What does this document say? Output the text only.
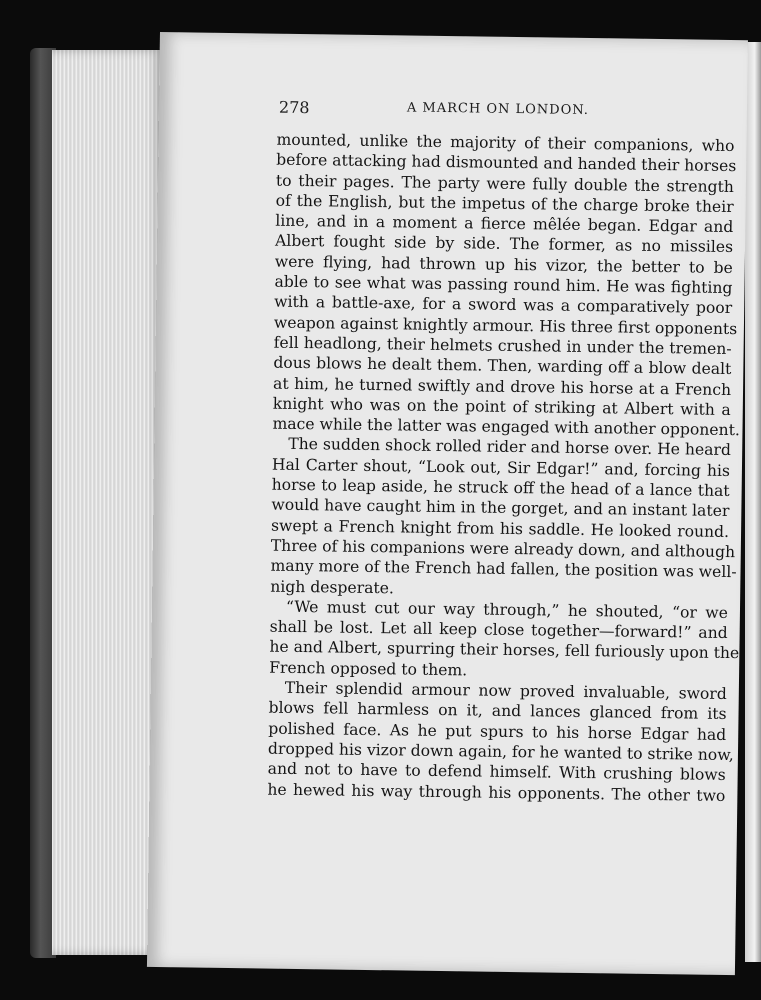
278	A MARCH ON LONDON.
mounted, unlike the majority of their companions, who
before attacking had dismounted and handed their horses
to their pages. The party were fully double the strength
of the English, but the impetus of the charge broke their
line, and in a moment a fierce mêlée began. Edgar and
Albert fought side by side. The former, as no missiles
were flying, had thrown up his vizor, the better to be
able to see what was passing round him. He was fighting
with a battle-axe, for a sword was a comparatively poor
weapon against knightly armour. His three first opponents
fell headlong, their helmets crushed in under the tremen-
dous blows he dealt them. Then, warding off a blow dealt
at him, he turned swiftly and drove his horse at a French
knight who was on the point of striking at Albert with a
mace while the latter was engaged with another opponent.
The sudden shock rolled rider and horse over. He heard
Hal Carter shout, “Look out, Sir Edgar!” and, forcing his
horse to leap aside, he struck off the head of a lance that
would have caught him in the gorget, and an instant later
swept a French knight from his saddle. He looked round.
Three of his companions were already down, and although
many more of the French had fallen, the position was well-
nigh desperate.
“We must cut our way through,” he shouted, “or we
shall be lost. Let all keep close together—forward!” and
he and Albert, spurring their horses, fell furiously upon the
French opposed to them.
Their splendid armour now proved invaluable, sword
blows fell harmless on it, and lances glanced from its
polished face. As he put spurs to his horse Edgar had
dropped his vizor down again, for he wanted to strike now,
and not to have to defend himself. With crushing blows
he hewed his way through his opponents. The other two
